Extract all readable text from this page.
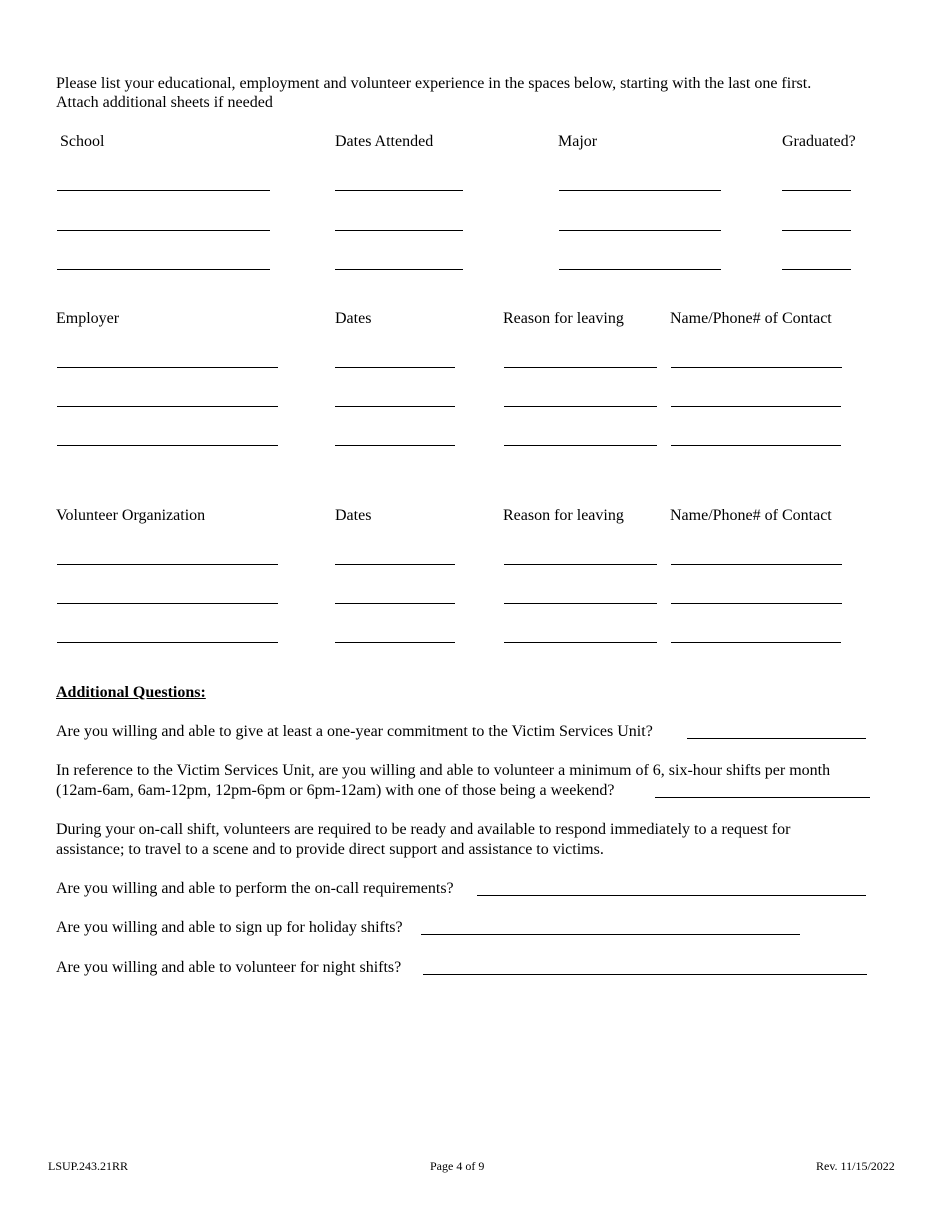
Please list your educational, employment and volunteer experience in the spaces below, starting with the last one first.
Attach additional sheets if needed
School	Dates Attended	Major	Graduated?
Employer	Dates	Reason for leaving	Name/Phone# of Contact
Volunteer Organization	Dates	Reason for leaving	Name/Phone# of Contact
Additional Questions:
Are you willing and able to give at least a one-year commitment to the Victim Services Unit?
In reference to the Victim Services Unit, are you willing and able to volunteer a minimum of 6, six-hour shifts per month
(12am-6am, 6am-12pm, 12pm-6pm or 6pm-12am) with one of those being a weekend?
During your on-call shift, volunteers are required to be ready and available to respond immediately to a request for
assistance; to travel to a scene and to provide direct support and assistance to victims.
Are you willing and able to perform the on-call requirements?
Are you willing and able to sign up for holiday shifts?
Are you willing and able to volunteer for night shifts?
LSUP.243.21RR	Page 4 of 9	Rev. 11/15/2022
